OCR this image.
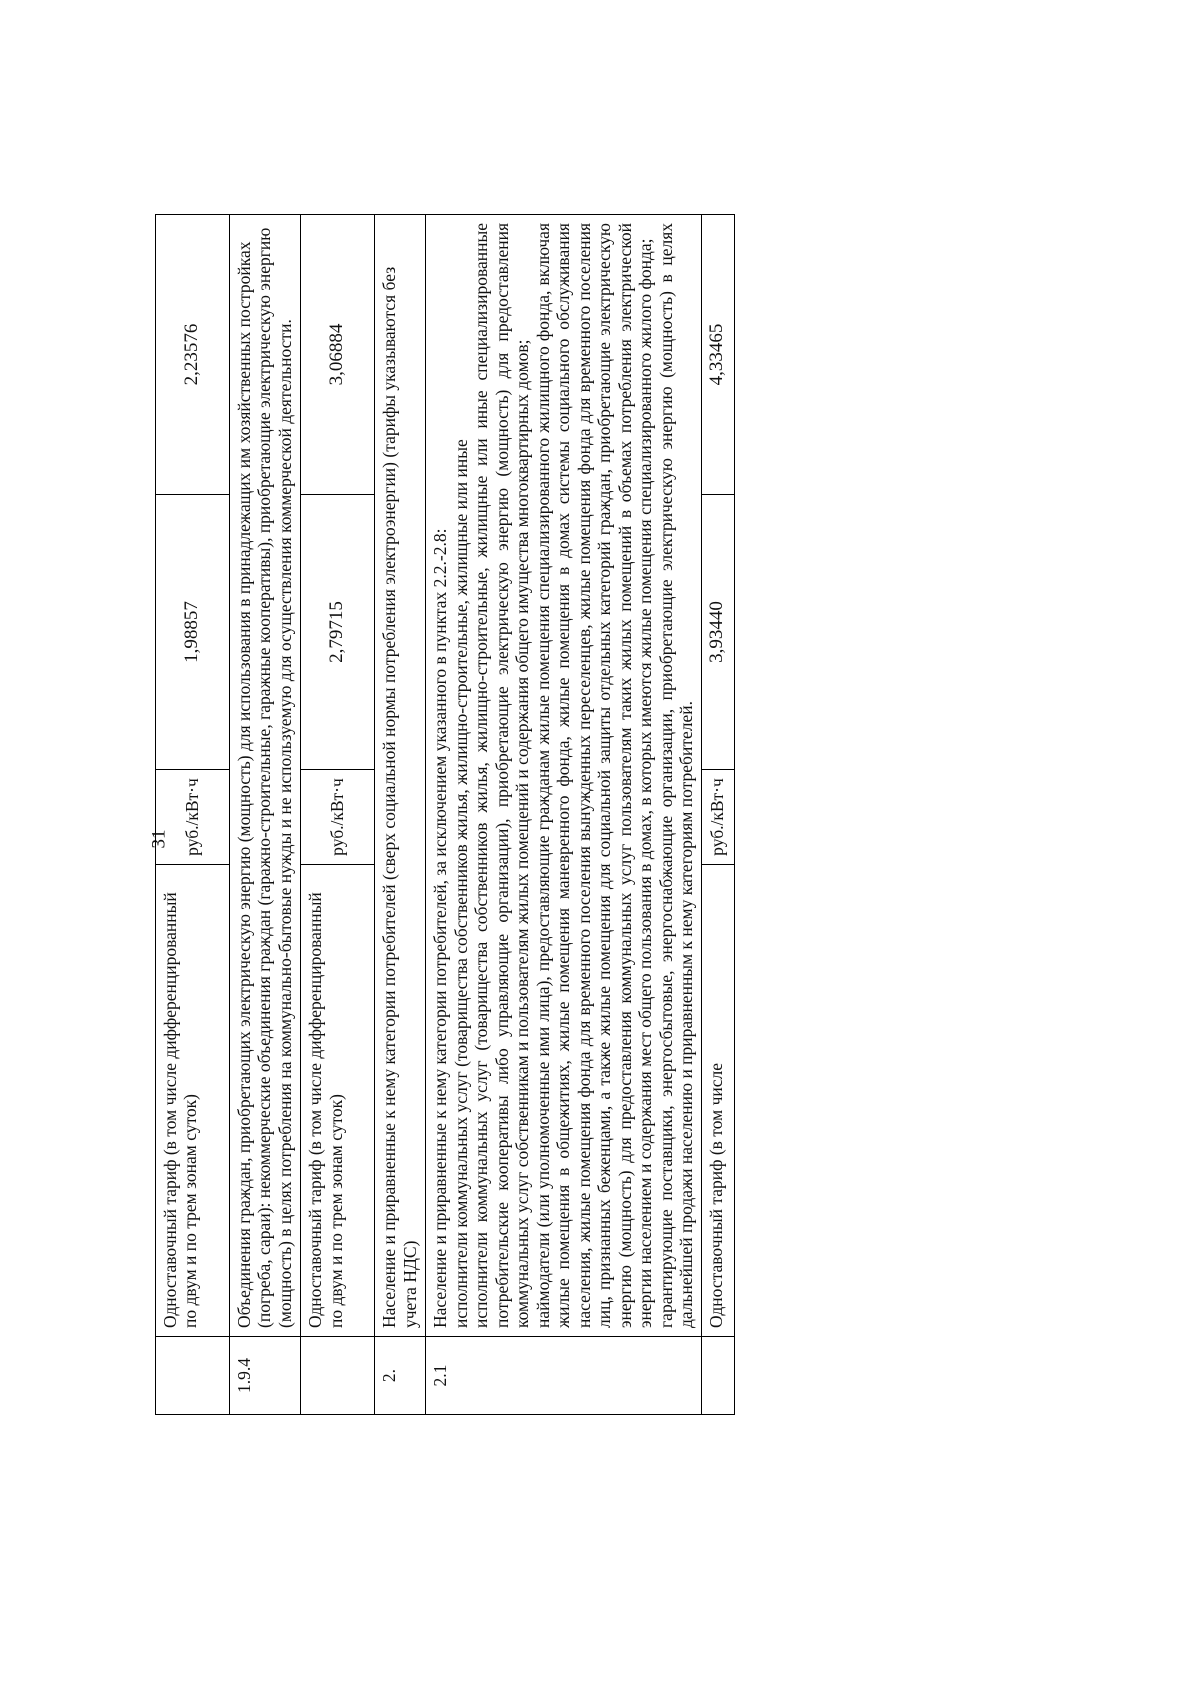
31
	Одноставочный тариф (в том числе дифференцированный по двум и по трем зонам суток)	руб./кВт·ч	1,98857	2,23576
1.9.4	Объединения граждан, приобретающих электрическую энергию (мощность) для использования в принадлежащих им хозяйственных постройках (погреба, сараи): некоммерческие объединения граждан (гаражно-строительные, гаражные кооперативы), приобретающие электрическую энергию (мощность) в целях потребления на коммунально-бытовые нужды и не используемую для осуществления коммерческой деятельности.			
	Одноставочный тариф (в том числе дифференцированный по двум и по трем зонам суток)	руб./кВт·ч	2,79715	3,06884
2.	Население и приравненные к нему категории потребителей (сверх социальной нормы потребления электроэнергии) (тарифы указываются без учета НДС)			
2.1	Население и приравненные к нему категории потребителей, за исключением указанного в пунктах 2.2.-2.8: исполнители коммунальных услуг (товарищества собственников жилья, жилищно-строительные, жилищные или иные исполнители коммунальных услуг (товарищества собственников жилья, жилищно-строительные, жилищные или иные специализированные потребительские кооперативы либо управляющие организации), приобретающие электрическую энергию (мощность) для предоставления коммунальных услуг собственникам и пользователям жилых помещений и содержания общего имущества многоквартирных домов; наймодатели (или уполномоченные ими лица), предоставляющие гражданам жилые помещения специализированного жилищного фонда, включая жилые помещения в общежитиях, жилые помещения маневренного фонда, жилые помещения в домах системы социального обслуживания населения, жилые помещения фонда для временного поселения вынужденных переселенцев, жилые помещения фонда для временного поселения лиц, признанных беженцами, а также жилые помещения для социальной защиты отдельных категорий граждан, приобретающие электрическую энергию (мощность) для предоставления коммунальных услуг пользователям таких жилых помещений в объемах потребления электрической энергии населением и содержания мест общего пользования в домах, в которых имеются жилые помещения специализированного жилого фонда; гарантирующие поставщики, энергосбытовые, энергоснабжающие организации, приобретающие электрическую энергию (мощность) в целях дальнейшей продажи населению и приравненным к нему категориям потребителей.			

	Одноставочный тариф (в том числе	руб./кВт·ч	3,93440	4,33465
